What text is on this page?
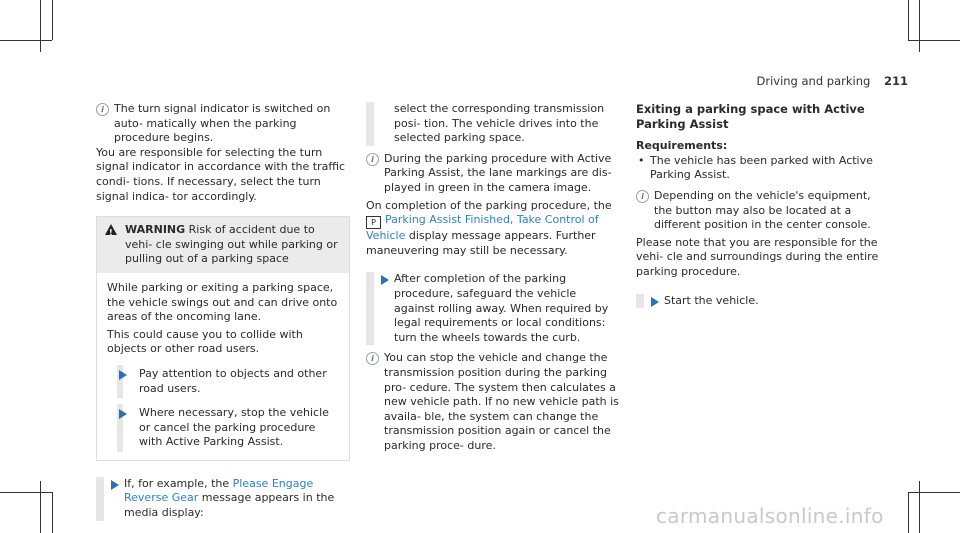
Driving and parking 211

i The turn signal indicator is switched on auto- matically when the parking procedure begins.

You are responsible for selecting the turn signal indicator in accordance with the traffic condi- tions. If necessary, select the turn signal indica- tor accordingly.

! WARNING Risk of accident due to vehi- cle swinging out while parking or pulling out of a parking space

While parking or exiting a parking space, the vehicle swings out and can drive onto areas of the oncoming lane.

This could cause you to collide with objects or other road users.

Pay attention to objects and other road users.

Where necessary, stop the vehicle or cancel the parking procedure with Active Parking Assist.

If, for example, the Please Engage Reverse Gear message appears in the media display:

select the corresponding transmission posi- tion. The vehicle drives into the selected parking space.

i During the parking procedure with Active Parking Assist, the lane markings are dis- played in green in the camera image.

On completion of the parking procedure, the
P Parking Assist Finished, Take Control of Vehicle display message appears. Further maneuvering may still be necessary.

After completion of the parking procedure, safeguard the vehicle against rolling away. When required by legal requirements or local conditions: turn the wheels towards the curb.

i You can stop the vehicle and change the transmission position during the parking pro- cedure. The system then calculates a new vehicle path. If no new vehicle path is availa- ble, the system can change the transmission position again or cancel the parking proce- dure.

Exiting a parking space with Active Parking Assist

Requirements:

• The vehicle has been parked with Active Parking Assist.

i Depending on the vehicle's equipment, the button may also be located at a different position in the center console.

Please note that you are responsible for the vehi- cle and surroundings during the entire parking procedure.

Start the vehicle.

carmanualsonline.info
